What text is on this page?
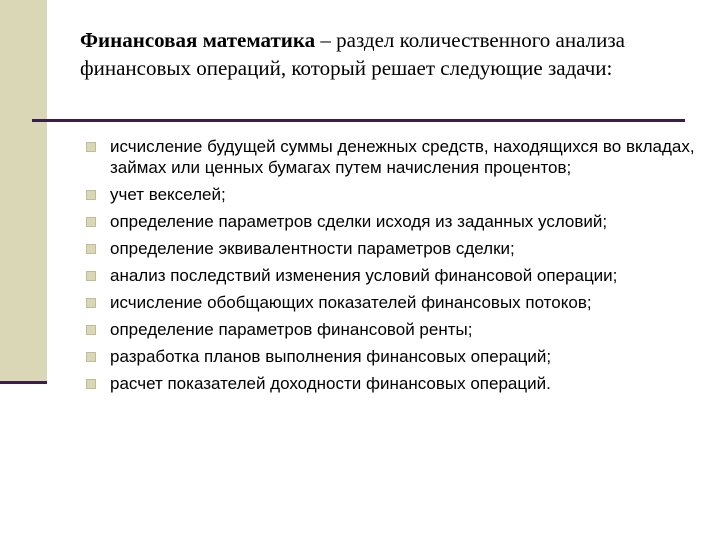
Финансовая математика – раздел количественного анализа финансовых операций, который решает следующие задачи:
исчисление будущей суммы денежных средств, находящихся во вкладах, займах или ценных бумагах путем начисления процентов;
учет векселей;
определение параметров сделки исходя из заданных условий;
определение эквивалентности параметров сделки;
анализ последствий изменения условий финансовой операции;
исчисление обобщающих показателей финансовых потоков;
определение параметров финансовой ренты;
разработка планов выполнения финансовых операций;
расчет показателей доходности финансовых операций.
